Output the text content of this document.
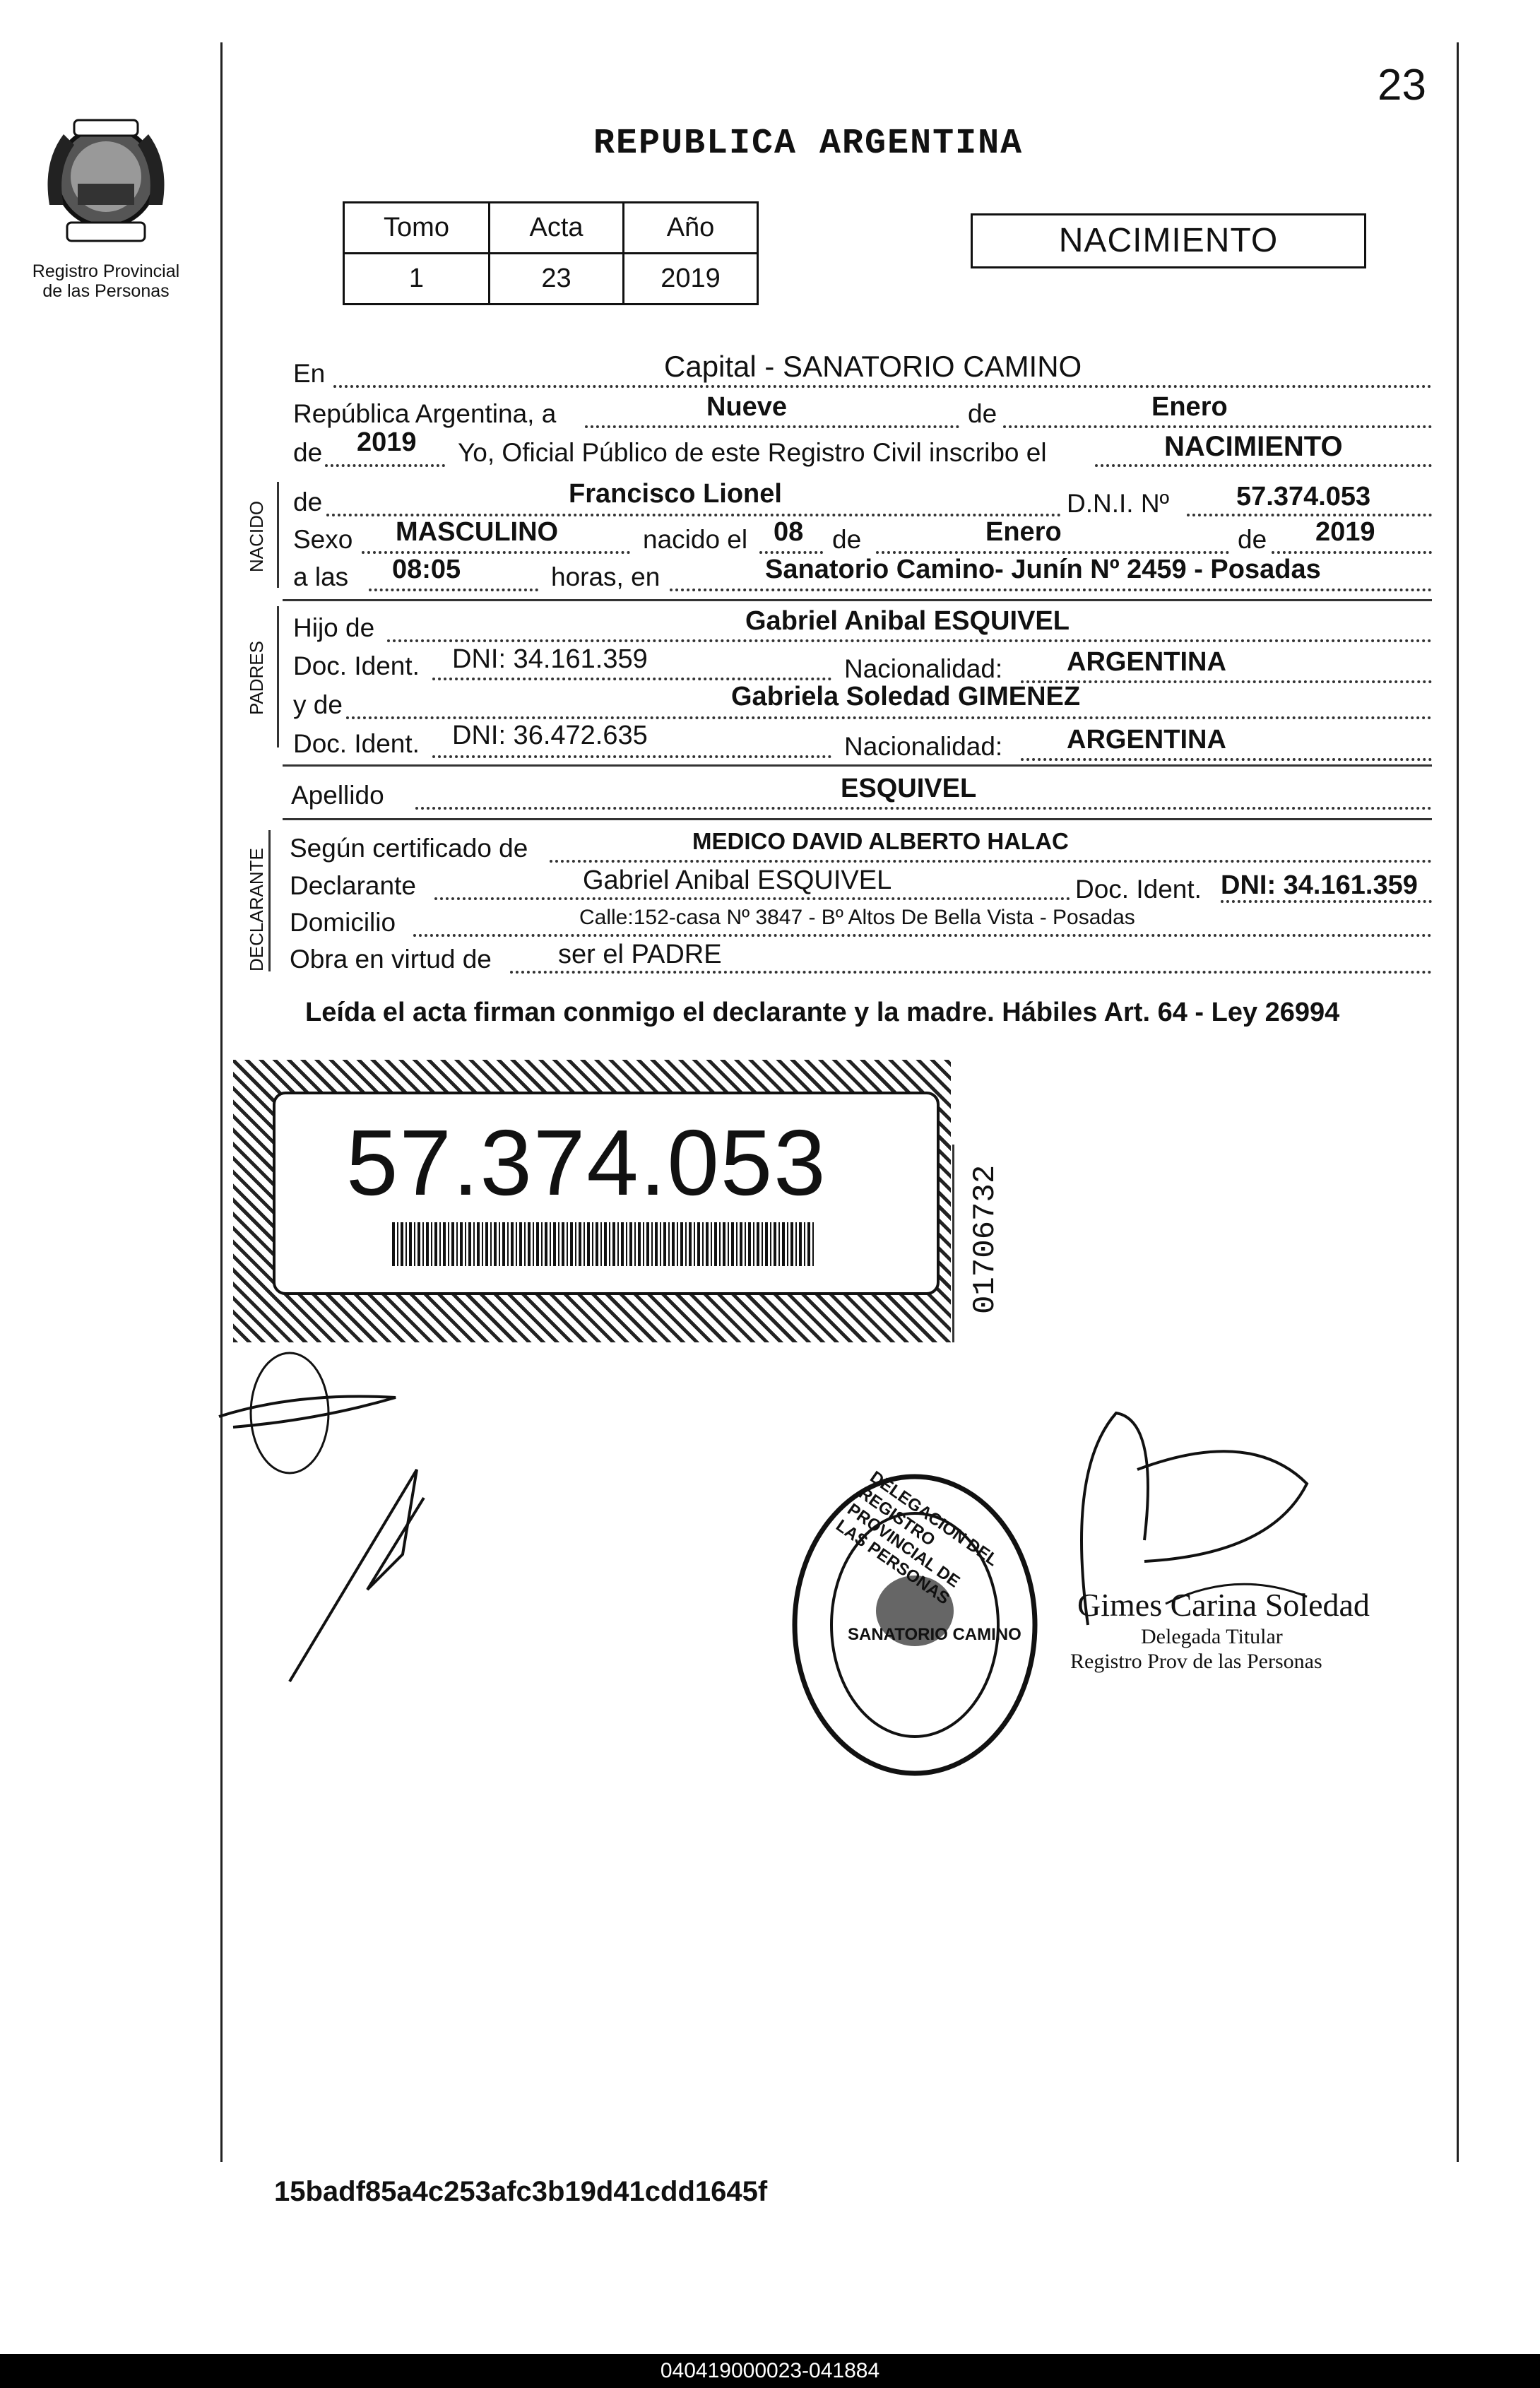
Registro Provincial
de las Personas
23
REPUBLICA ARGENTINA
Tomo	Acta	Año
1	23	2019
NACIMIENTO
En	Capital - SANATORIO CAMINO
República Argentina, a	Nueve	de	Enero
de 2019 Yo, Oficial Público de este Registro Civil inscribo el	NACIMIENTO
NACIDO de	Francisco Lionel	D.N.I. Nº 57.374.053
Sexo MASCULINO	nacido el 08 de	Enero	de 2019
a las 08:05	horas, en	Sanatorio Camino- Junín Nº 2459 - Posadas
PADRES
Hijo de	Gabriel Anibal ESQUIVEL
Doc. Ident. DNI: 34.161.359	Nacionalidad: ARGENTINA
y de	Gabriela Soledad GIMENEZ
Doc. Ident. DNI: 36.472.635	Nacionalidad: ARGENTINA
Apellido	ESQUIVEL
DECLARANTE Según certificado de	MEDICO DAVID ALBERTO HALAC
Declarante	Gabriel Anibal ESQUIVEL	Doc. Ident. DNI: 34.161.359
Domicilio	Calle:152-casa Nº 3847 - Bº Altos De Bella Vista - Posadas
Obra en virtud de ser el PADRE
Leída el acta firman conmigo el declarante y la madre. Hábiles Art. 64 - Ley 26994
57.374.053
01706732
DELEGACION DEL REGISTRO PROVINCIAL DE LAS PERSONAS
SANATORIO CAMINO
Gimes Carina Soledad
Delegada Titular
Registro Prov de las Personas
15badf85a4c253afc3b19d41cdd1645f
040419000023-041884
